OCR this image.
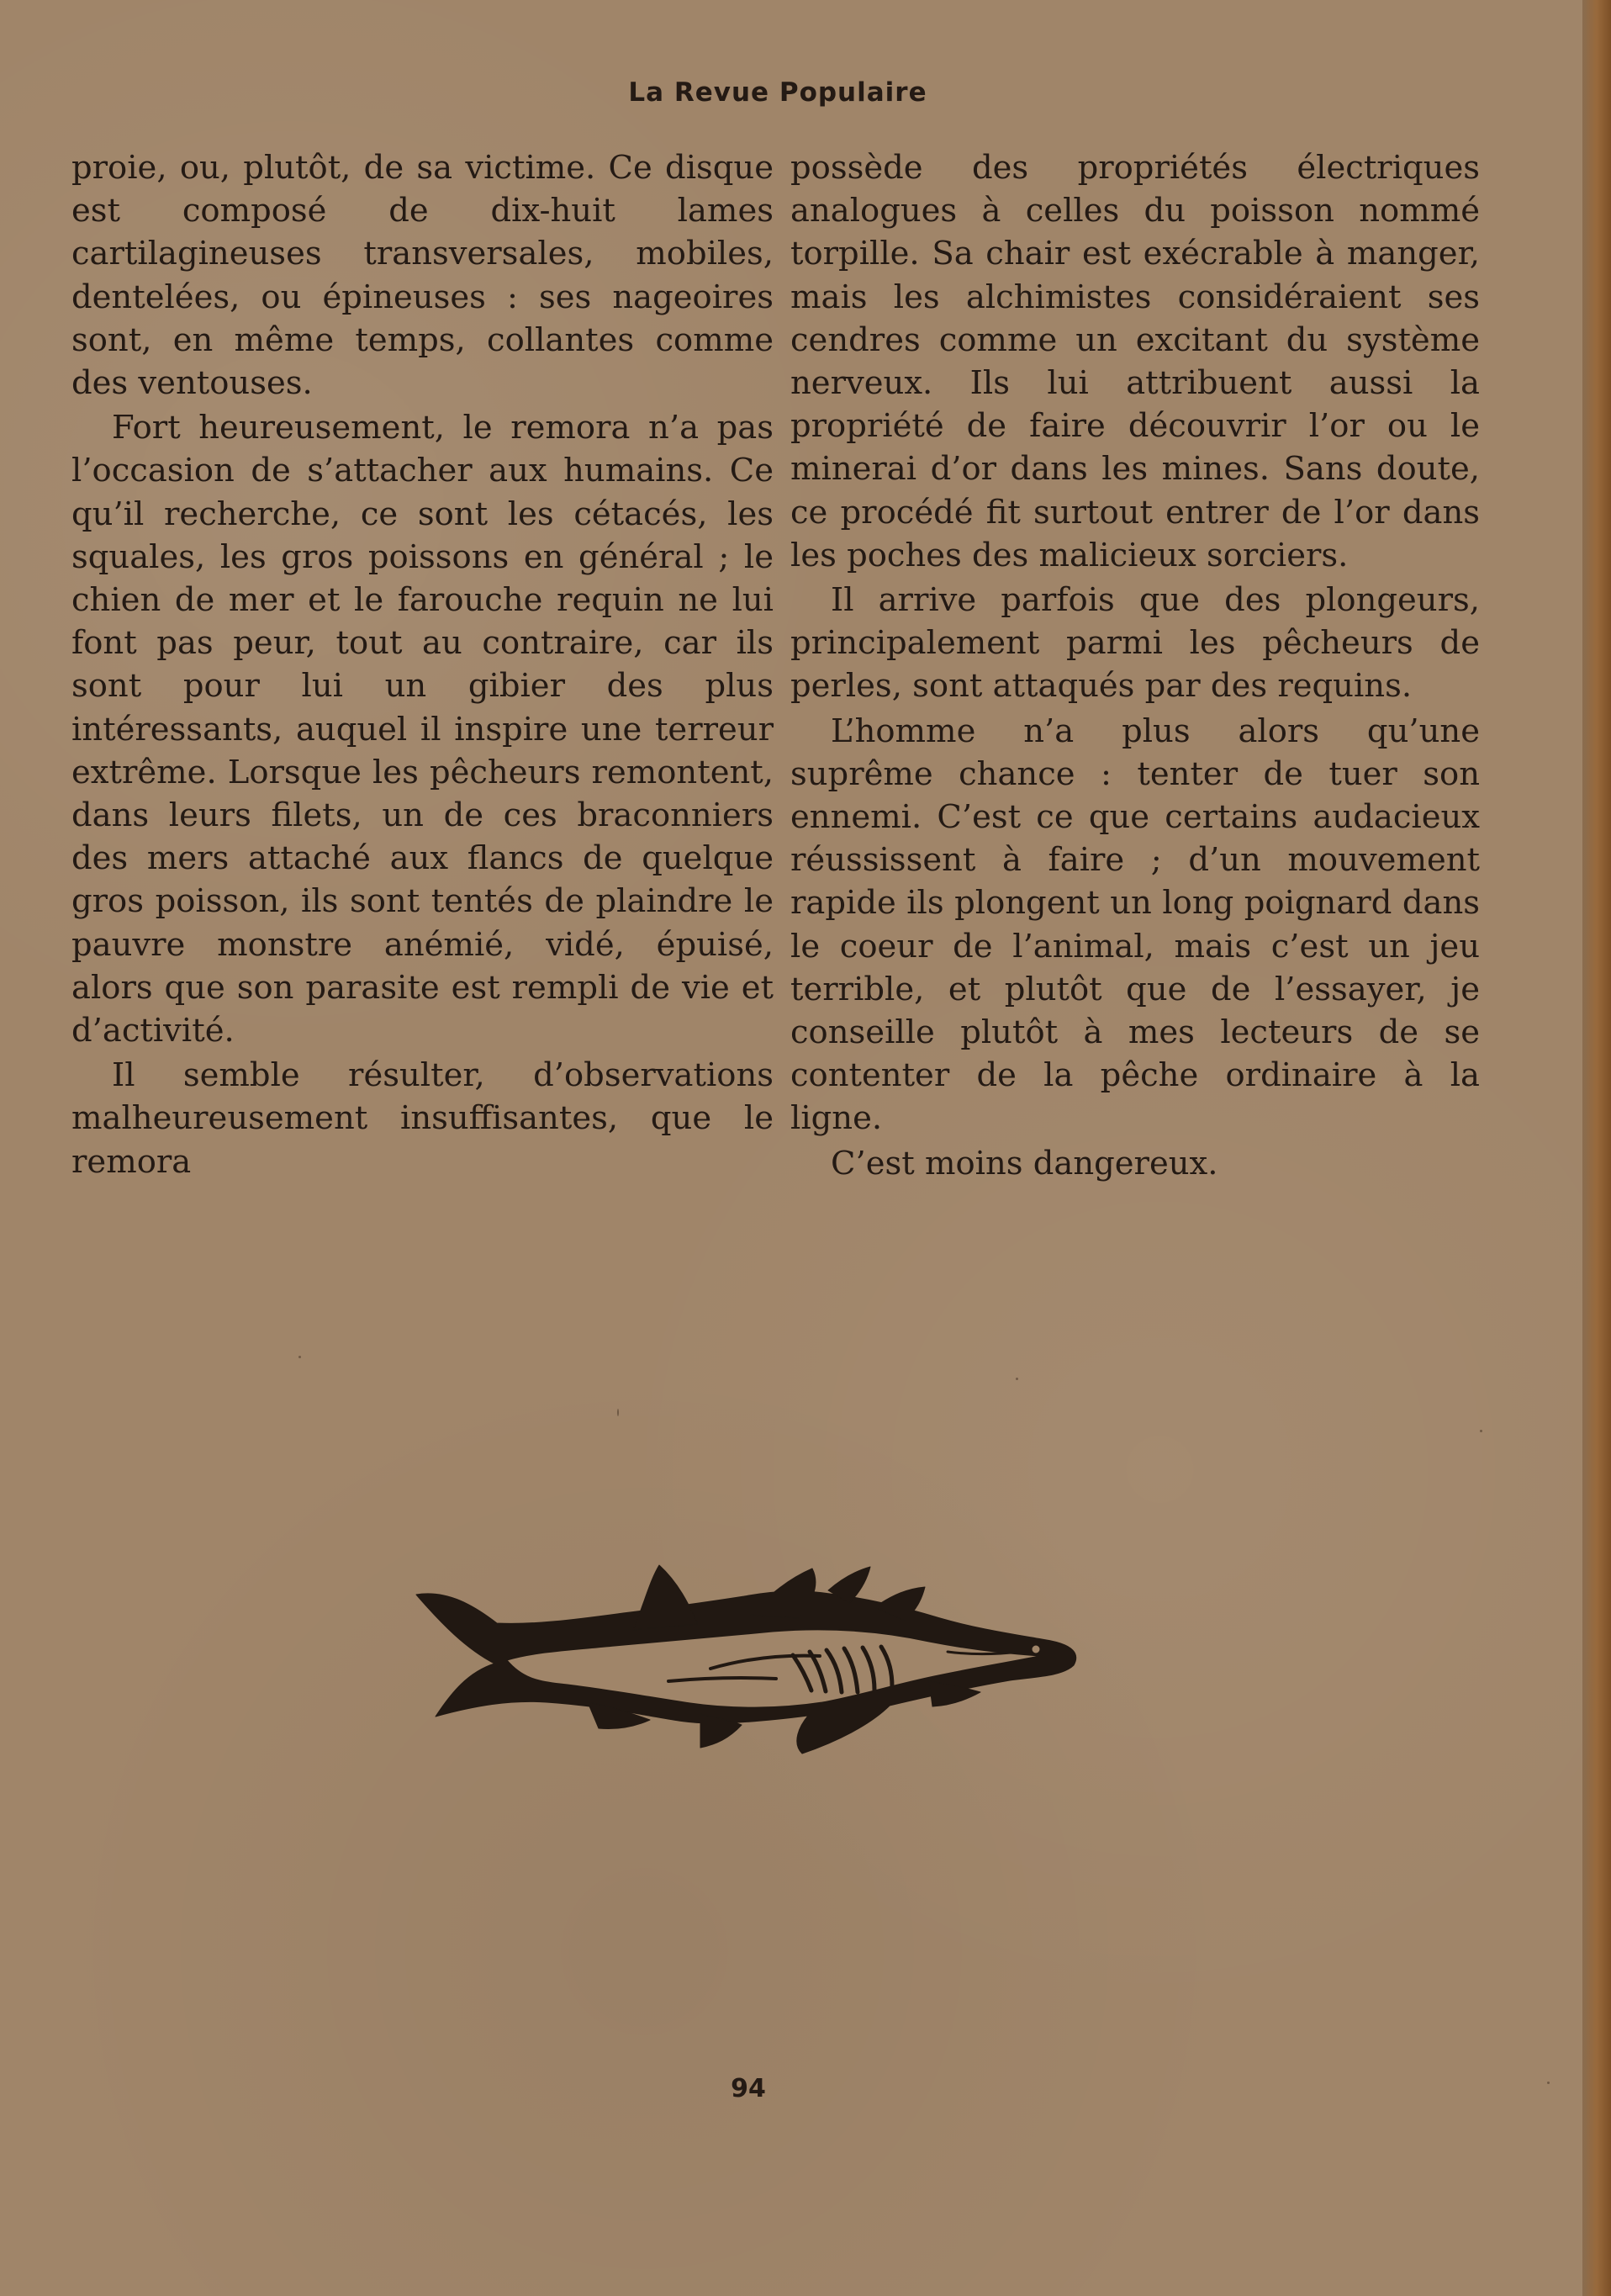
La Revue Populaire

proie, ou, plutôt, de sa victime. Ce disque est composé de dix-huit lames cartilagineuses transversales, mobiles, dentelées, ou épineuses : ses nageoires sont, en même temps, collantes comme des ventouses.

Fort heureusement, le remora n’a pas l’occasion de s’attacher aux humains. Ce qu’il recherche, ce sont les cétacés, les squales, les gros poissons en général ; le chien de mer et le farouche requin ne lui font pas peur, tout au contraire, car ils sont pour lui un gibier des plus intéressants, auquel il inspire une terreur extrême. Lorsque les pêcheurs remontent, dans leurs filets, un de ces braconniers des mers attaché aux flancs de quelque gros poisson, ils sont tentés de plaindre le pauvre monstre anémié, vidé, épuisé, alors que son parasite est rempli de vie et d’activité.

Il semble résulter, d’observations malheureusement insuffisantes, que le remora

possède des propriétés électriques analogues à celles du poisson nommé torpille. Sa chair est exécrable à manger, mais les alchimistes considéraient ses cendres comme un excitant du système nerveux. Ils lui attribuent aussi la propriété de faire découvrir l’or ou le minerai d’or dans les mines. Sans doute, ce procédé fit surtout entrer de l’or dans les poches des malicieux sorciers.

Il arrive parfois que des plongeurs, principalement parmi les pêcheurs de perles, sont attaqués par des requins.

L’homme n’a plus alors qu’une suprême chance : tenter de tuer son ennemi. C’est ce que certains audacieux réussissent à faire ; d’un mouvement rapide ils plongent un long poignard dans le coeur de l’animal, mais c’est un jeu terrible, et plutôt que de l’essayer, je conseille plutôt à mes lecteurs de se contenter de la pêche ordinaire à la ligne.

C’est moins dangereux.

94
